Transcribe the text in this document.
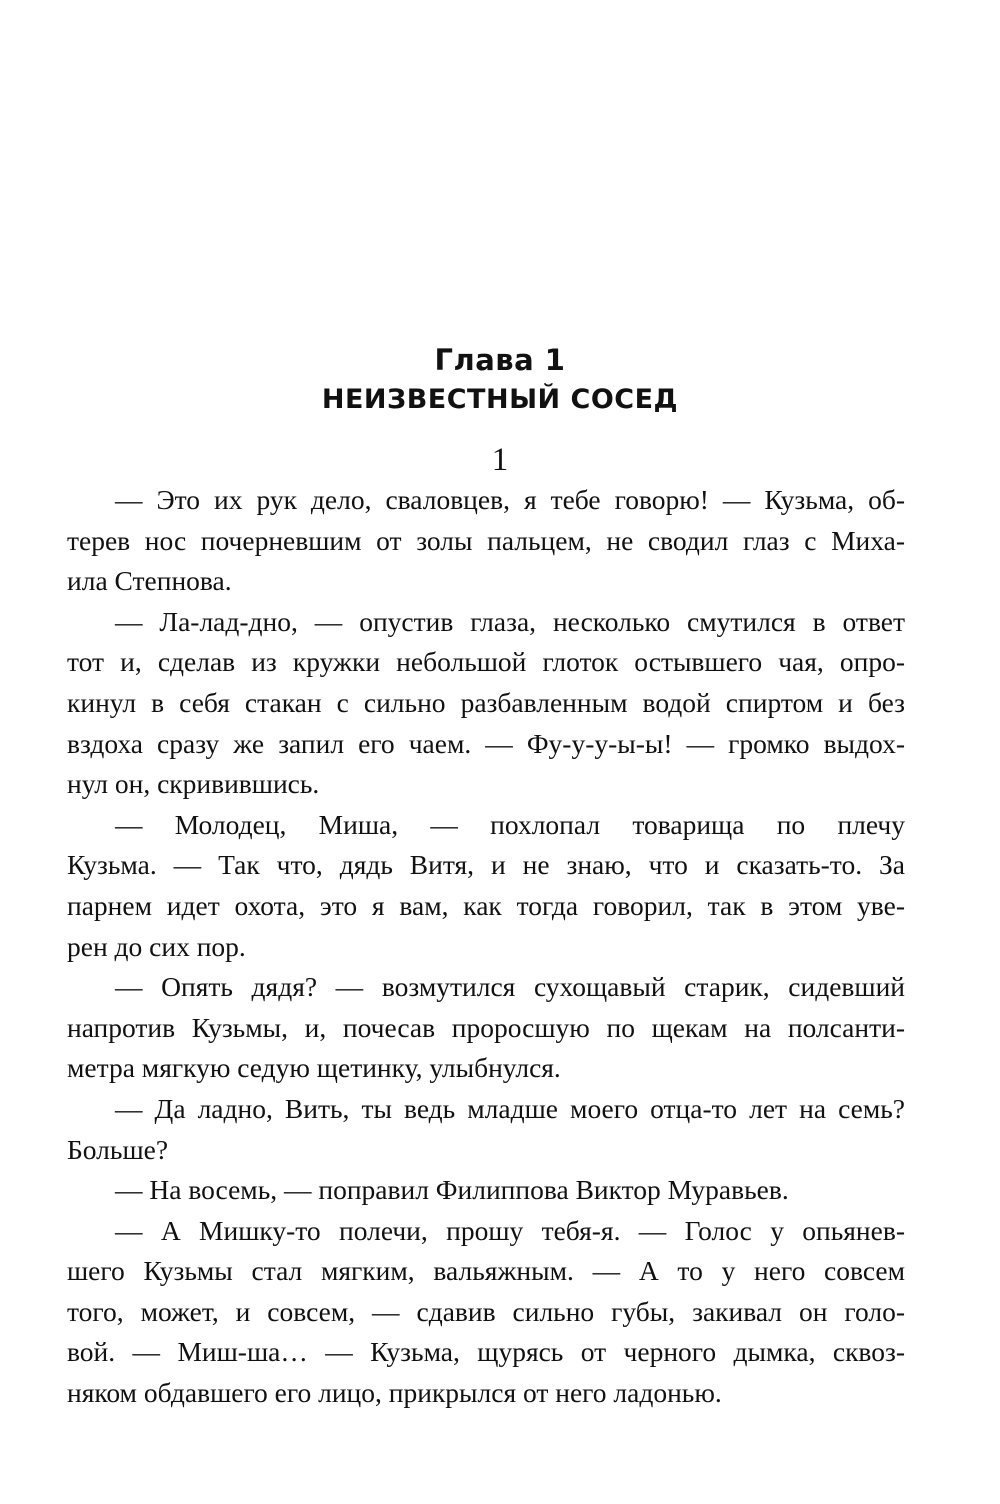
Глава 1
НЕИЗВЕСТНЫЙ СОСЕД
1
— Это их рук дело, сваловцев, я тебе говорю! — Кузьма, об-
терев нос почерневшим от золы пальцем, не сводил глаз с Миха-
ила Степнова.
— Ла-лад-дно, — опустив глаза, несколько смутился в ответ
тот и, сделав из кружки небольшой глоток остывшего чая, опро-
кинул в себя стакан с сильно разбавленным водой спиртом и без
вздоха сразу же запил его чаем. — Фу-у-у-ы-ы! — громко выдох-
нул он, скривившись.
— Молодец, Миша, — похлопал товарища по плечу
Кузьма. — Так что, дядь Витя, и не знаю, что и сказать-то. За
парнем идет охота, это я вам, как тогда говорил, так в этом уве-
рен до сих пор.
— Опять дядя? — возмутился сухощавый старик, сидевший
напротив Кузьмы, и, почесав проросшую по щекам на полсанти-
метра мягкую седую щетинку, улыбнулся.
— Да ладно, Вить, ты ведь младше моего отца-то лет на семь?
Больше?
— На восемь, — поправил Филиппова Виктор Муравьев.
— А Мишку-то полечи, прошу тебя-я. — Голос у опьянев-
шего Кузьмы стал мягким, вальяжным. — А то у него совсем
того, может, и совсем, — сдавив сильно губы, закивал он голо-
вой. — Миш-ша… — Кузьма, щурясь от черного дымка, сквоз-
няком обдавшего его лицо, прикрылся от него ладонью.
